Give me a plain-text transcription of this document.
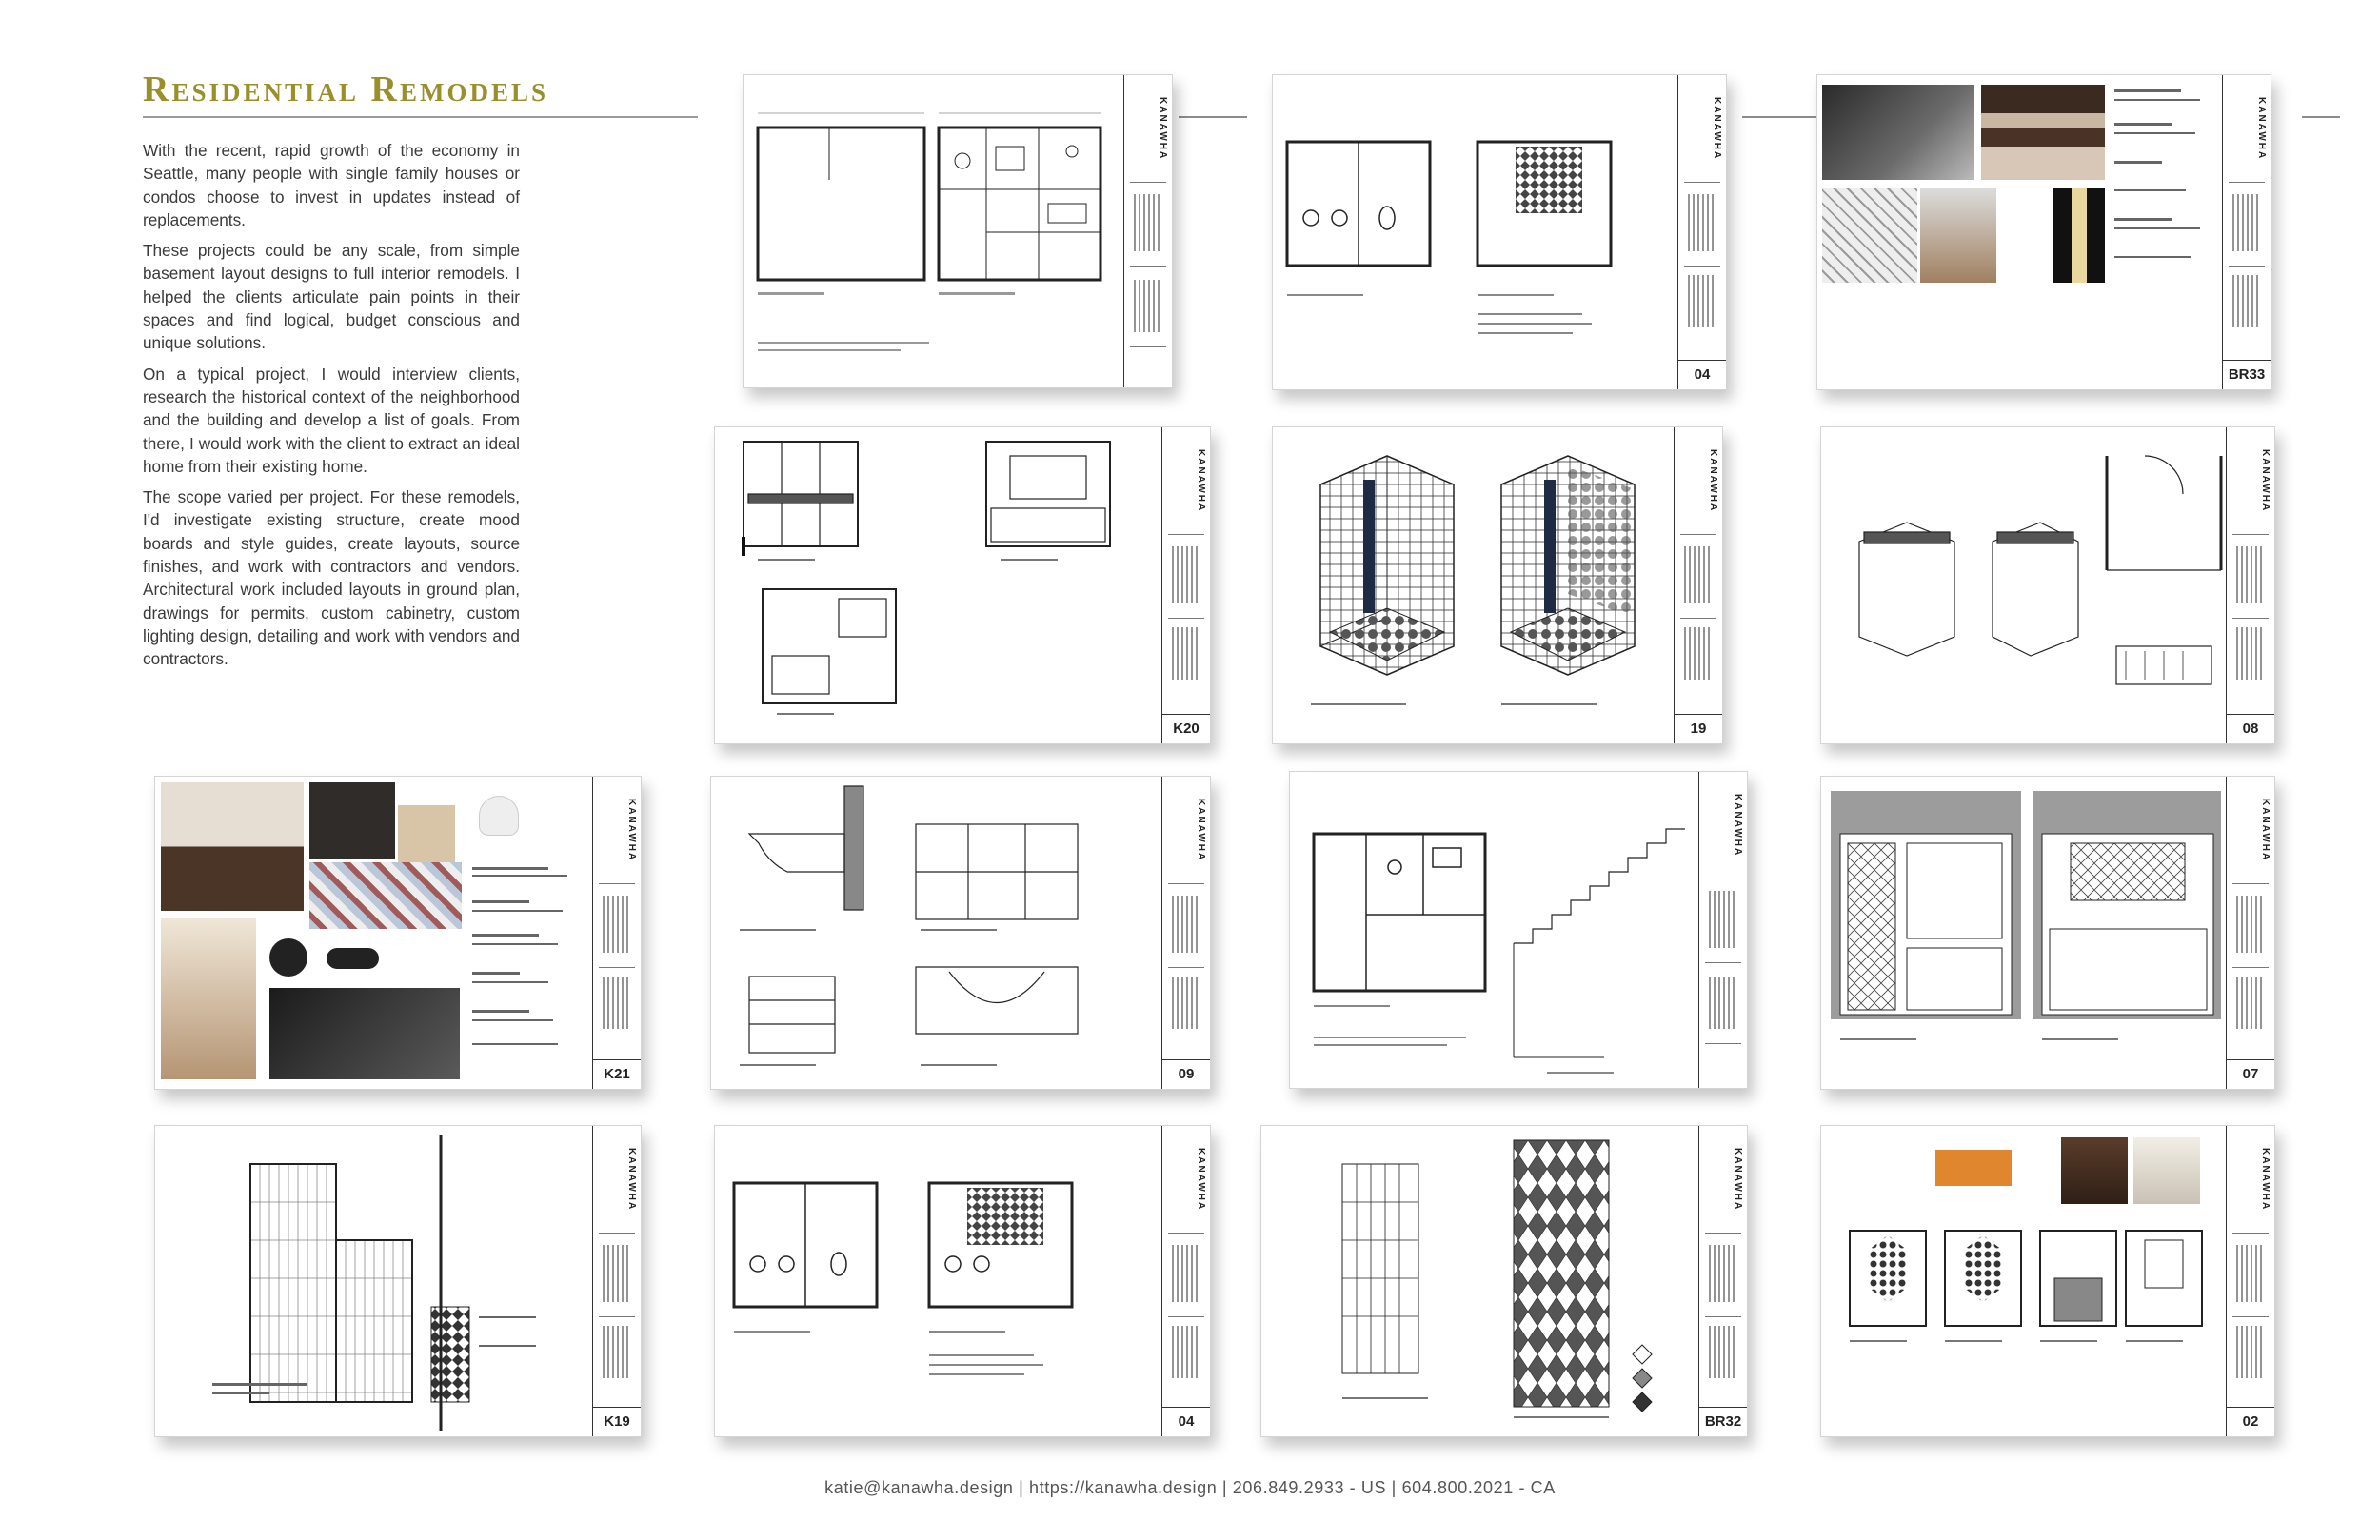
Residential Remodels

With the recent, rapid growth of the economy in Seattle, many people with single family houses or condos choose to invest in updates instead of replacements.

These projects could be any scale, from simple basement layout designs to full interior remodels. I helped the clients articulate pain points in their spaces and find logical, budget conscious and unique solutions.

On a typical project, I would interview clients, research the historical context of the neighborhood and the building and develop a list of goals. From there, I would work with the client to extract an ideal home from their existing home.

The scope varied per project. For these remodels, I'd investigate existing structure, create mood boards and style guides, create layouts, source finishes, and work with contractors and vendors. Architectural work included layouts in ground plan, drawings for permits, custom cabinetry, custom lighting design, detailing and work with vendors and contractors.

KANAWHA	KANAWHA
04
KANAWHA
BR33
KANAWHA
K20
KANAWHA
19
KANAWHA
08
KANAWHA
K21
KANAWHA
09
KANAWHA	KANAWHA
07
KANAWHA
K19
KANAWHA
04
KANAWHA
BR32
KANAWHA
02
katie@kanawha.design | https://kanawha.design | 206.849.2933 - US | 604.800.2021 - CA
